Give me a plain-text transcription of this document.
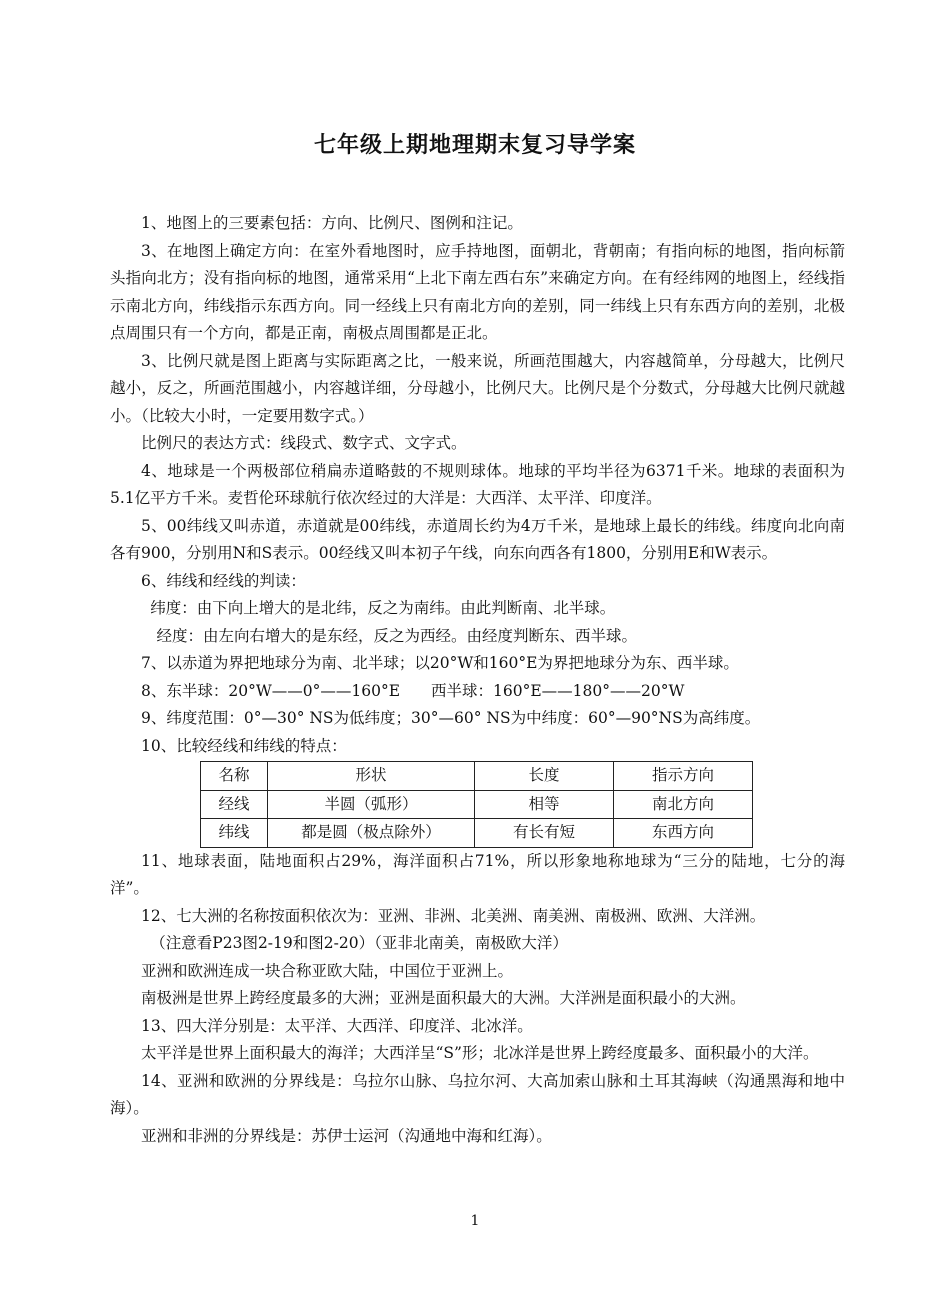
七年级上期地理期末复习导学案

1、地图上的三要素包括：方向、比例尺、图例和注记。

3、在地图上确定方向：在室外看地图时，应手持地图，面朝北，背朝南；有指向标的地图，指向标箭头指向北方；没有指向标的地图，通常采用“上北下南左西右东”来确定方向。在有经纬网的地图上，经线指示南北方向，纬线指示东西方向。同一经线上只有南北方向的差别，同一纬线上只有东西方向的差别，北极点周围只有一个方向，都是正南，南极点周围都是正北。

3、比例尺就是图上距离与实际距离之比，一般来说，所画范围越大，内容越简单，分母越大，比例尺越小，反之，所画范围越小，内容越详细，分母越小，比例尺大。比例尺是个分数式，分母越大比例尺就越小。（比较大小时，一定要用数字式。）

比例尺的表达方式：线段式、数字式、文字式。

4、地球是一个两极部位稍扁赤道略鼓的不规则球体。地球的平均半径为6371千米。地球的表面积为5.1亿平方千米。麦哲伦环球航行依次经过的大洋是：大西洋、太平洋、印度洋。

5、00纬线又叫赤道，赤道就是00纬线，赤道周长约为4万千米，是地球上最长的纬线。纬度向北向南各有900，分别用N和S表示。00经线又叫本初子午线，向东向西各有1800，分别用E和W表示。

6、纬线和经线的判读：

纬度：由下向上增大的是北纬，反之为南纬。由此判断南、北半球。

经度：由左向右增大的是东经，反之为西经。由经度判断东、西半球。

7、以赤道为界把地球分为南、北半球；以20°W和160°E为界把地球分为东、西半球。

8、东半球：20°W——0°——160°E　　西半球：160°E——180°——20°W

9、纬度范围：0°—30° NS为低纬度；30°—60° NS为中纬度：60°—90°NS为高纬度。

10、比较经线和纬线的特点：

名称	形状	长度	指示方向
经线	半圆（弧形）	相等	南北方向
纬线	都是圆（极点除外）	有长有短	东西方向

11、地球表面，陆地面积占29%，海洋面积占71%，所以形象地称地球为“三分的陆地，七分的海洋”。

12、七大洲的名称按面积依次为：亚洲、非洲、北美洲、南美洲、南极洲、欧洲、大洋洲。

（注意看P23图2-19和图2-20）（亚非北南美，南极欧大洋）

亚洲和欧洲连成一块合称亚欧大陆，中国位于亚洲上。

南极洲是世界上跨经度最多的大洲；亚洲是面积最大的大洲。大洋洲是面积最小的大洲。

13、四大洋分别是：太平洋、大西洋、印度洋、北冰洋。

太平洋是世界上面积最大的海洋；大西洋呈“S”形；北冰洋是世界上跨经度最多、面积最小的大洋。

14、亚洲和欧洲的分界线是：乌拉尔山脉、乌拉尔河、大高加索山脉和土耳其海峡（沟通黑海和地中海）。

亚洲和非洲的分界线是：苏伊士运河（沟通地中海和红海）。

1
